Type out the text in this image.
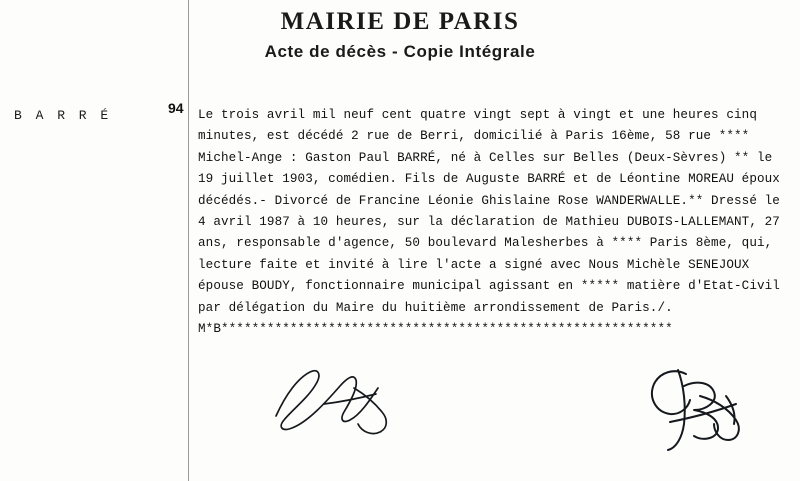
MAIRIE DE PARIS
Acte de décès - Copie Intégrale
B A R R É	94 Le trois avril mil neuf cent quatre vingt sept à vingt et une heures cinq minutes, est décédé 2 rue de Berri, domicilié à Paris 16ème, 58 rue **** Michel-Ange : Gaston Paul BARRÉ, né à Celles sur Belles (Deux-Sèvres) ** le 19 juillet 1903, comédien. Fils de Auguste BARRÉ et de Léontine MOREAU époux décédés.- Divorcé de Francine Léonie Ghislaine Rose WANDERWALLE.** Dressé le 4 avril 1987 à 10 heures, sur la déclaration de Mathieu DUBOIS-LALLEMANT, 27 ans, responsable d'agence, 50 boulevard Malesherbes à **** Paris 8ème, qui, lecture faite et invité à lire l'acte a signé avec Nous Michèle SENEJOUX épouse BOUDY, fonctionnaire municipal agissant en ***** matière d'Etat-Civil par délégation du Maire du huitième arrondissement de Paris./. M*B***********************************************************
